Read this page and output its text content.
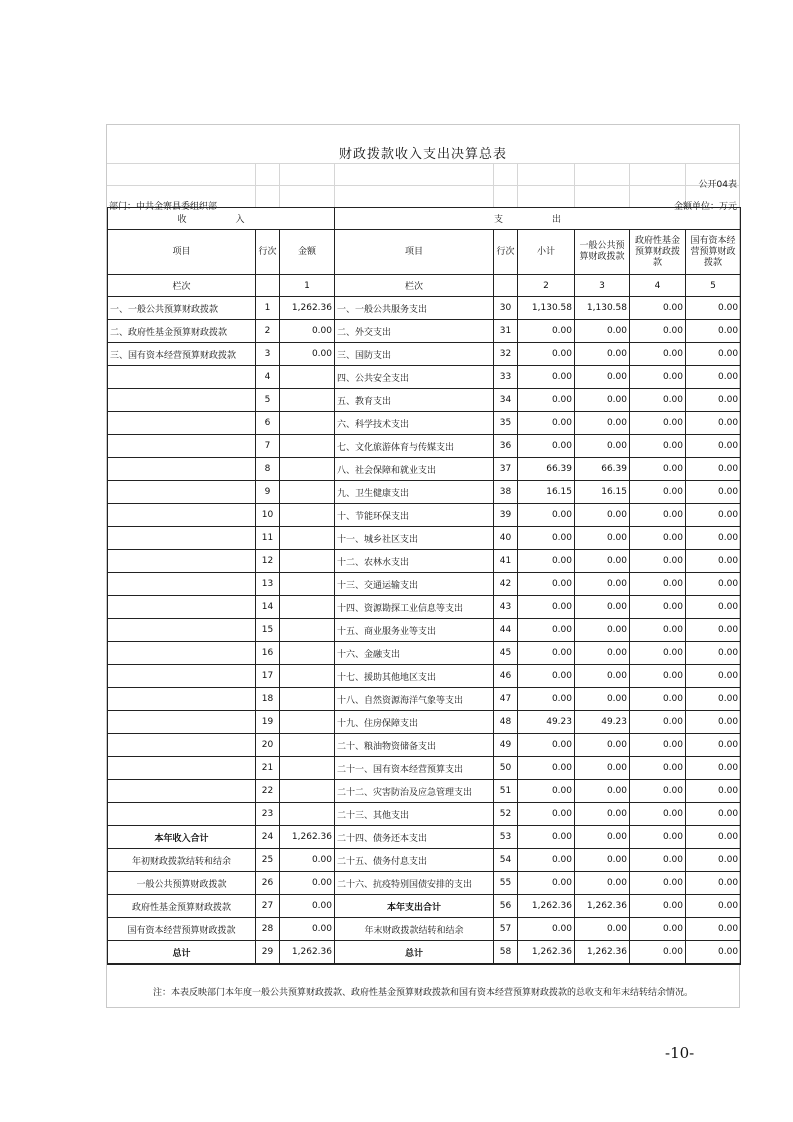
财政拨款收入支出决算总表
公开04表
部门：中共金寨县委组织部	金额单位：万元
收　入			支　出					
项目	行次	金额	项目	行次	小计	一般公共预算财政拨款	政府性基金预算财政拨款	国有资本经营预算财政拨款
栏次		1	栏次		2	3	4	5
一、一般公共预算财政拨款	1	1,262.36	一、一般公共服务支出	30	1,130.58	1,130.58	0.00	0.00
二、政府性基金预算财政拨款	2	0.00	二、外交支出	31	0.00	0.00	0.00	0.00
三、国有资本经营预算财政拨款	3	0.00	三、国防支出	32	0.00	0.00	0.00	0.00
	4		四、公共安全支出	33	0.00	0.00	0.00	0.00
	5		五、教育支出	34	0.00	0.00	0.00	0.00
	6		六、科学技术支出	35	0.00	0.00	0.00	0.00
	7		七、文化旅游体育与传媒支出	36	0.00	0.00	0.00	0.00
	8		八、社会保障和就业支出	37	66.39	66.39	0.00	0.00
	9		九、卫生健康支出	38	16.15	16.15	0.00	0.00
	10		十、节能环保支出	39	0.00	0.00	0.00	0.00
	11		十一、城乡社区支出	40	0.00	0.00	0.00	0.00
	12		十二、农林水支出	41	0.00	0.00	0.00	0.00
	13		十三、交通运输支出	42	0.00	0.00	0.00	0.00
	14		十四、资源勘探工业信息等支出	43	0.00	0.00	0.00	0.00
	15		十五、商业服务业等支出	44	0.00	0.00	0.00	0.00
	16		十六、金融支出	45	0.00	0.00	0.00	0.00
	17		十七、援助其他地区支出	46	0.00	0.00	0.00	0.00
	18		十八、自然资源海洋气象等支出	47	0.00	0.00	0.00	0.00
	19		十九、住房保障支出	48	49.23	49.23	0.00	0.00
	20		二十、粮油物资储备支出	49	0.00	0.00	0.00	0.00
	21		二十一、国有资本经营预算支出	50	0.00	0.00	0.00	0.00
	22		二十二、灾害防治及应急管理支出	51	0.00	0.00	0.00	0.00
	23		二十三、其他支出	52	0.00	0.00	0.00	0.00
本年收入合计	24	1,262.36	二十四、债务还本支出	53	0.00	0.00	0.00	0.00
年初财政拨款结转和结余	25	0.00	二十五、债务付息支出	54	0.00	0.00	0.00	0.00
一般公共预算财政拨款	26	0.00	二十六、抗疫特别国债安排的支出	55	0.00	0.00	0.00	0.00
政府性基金预算财政拨款	27	0.00	本年支出合计	56	1,262.36	1,262.36	0.00	0.00
国有资本经营预算财政拨款	28	0.00	年末财政拨款结转和结余	57	0.00	0.00	0.00	0.00
总计	29	1,262.36	总计	58	1,262.36	1,262.36	0.00	0.00
注：本表反映部门本年度一般公共预算财政拨款、政府性基金预算财政拨款和国有资本经营预算财政拨款的总收支和年末结转结余情况。
-10-
